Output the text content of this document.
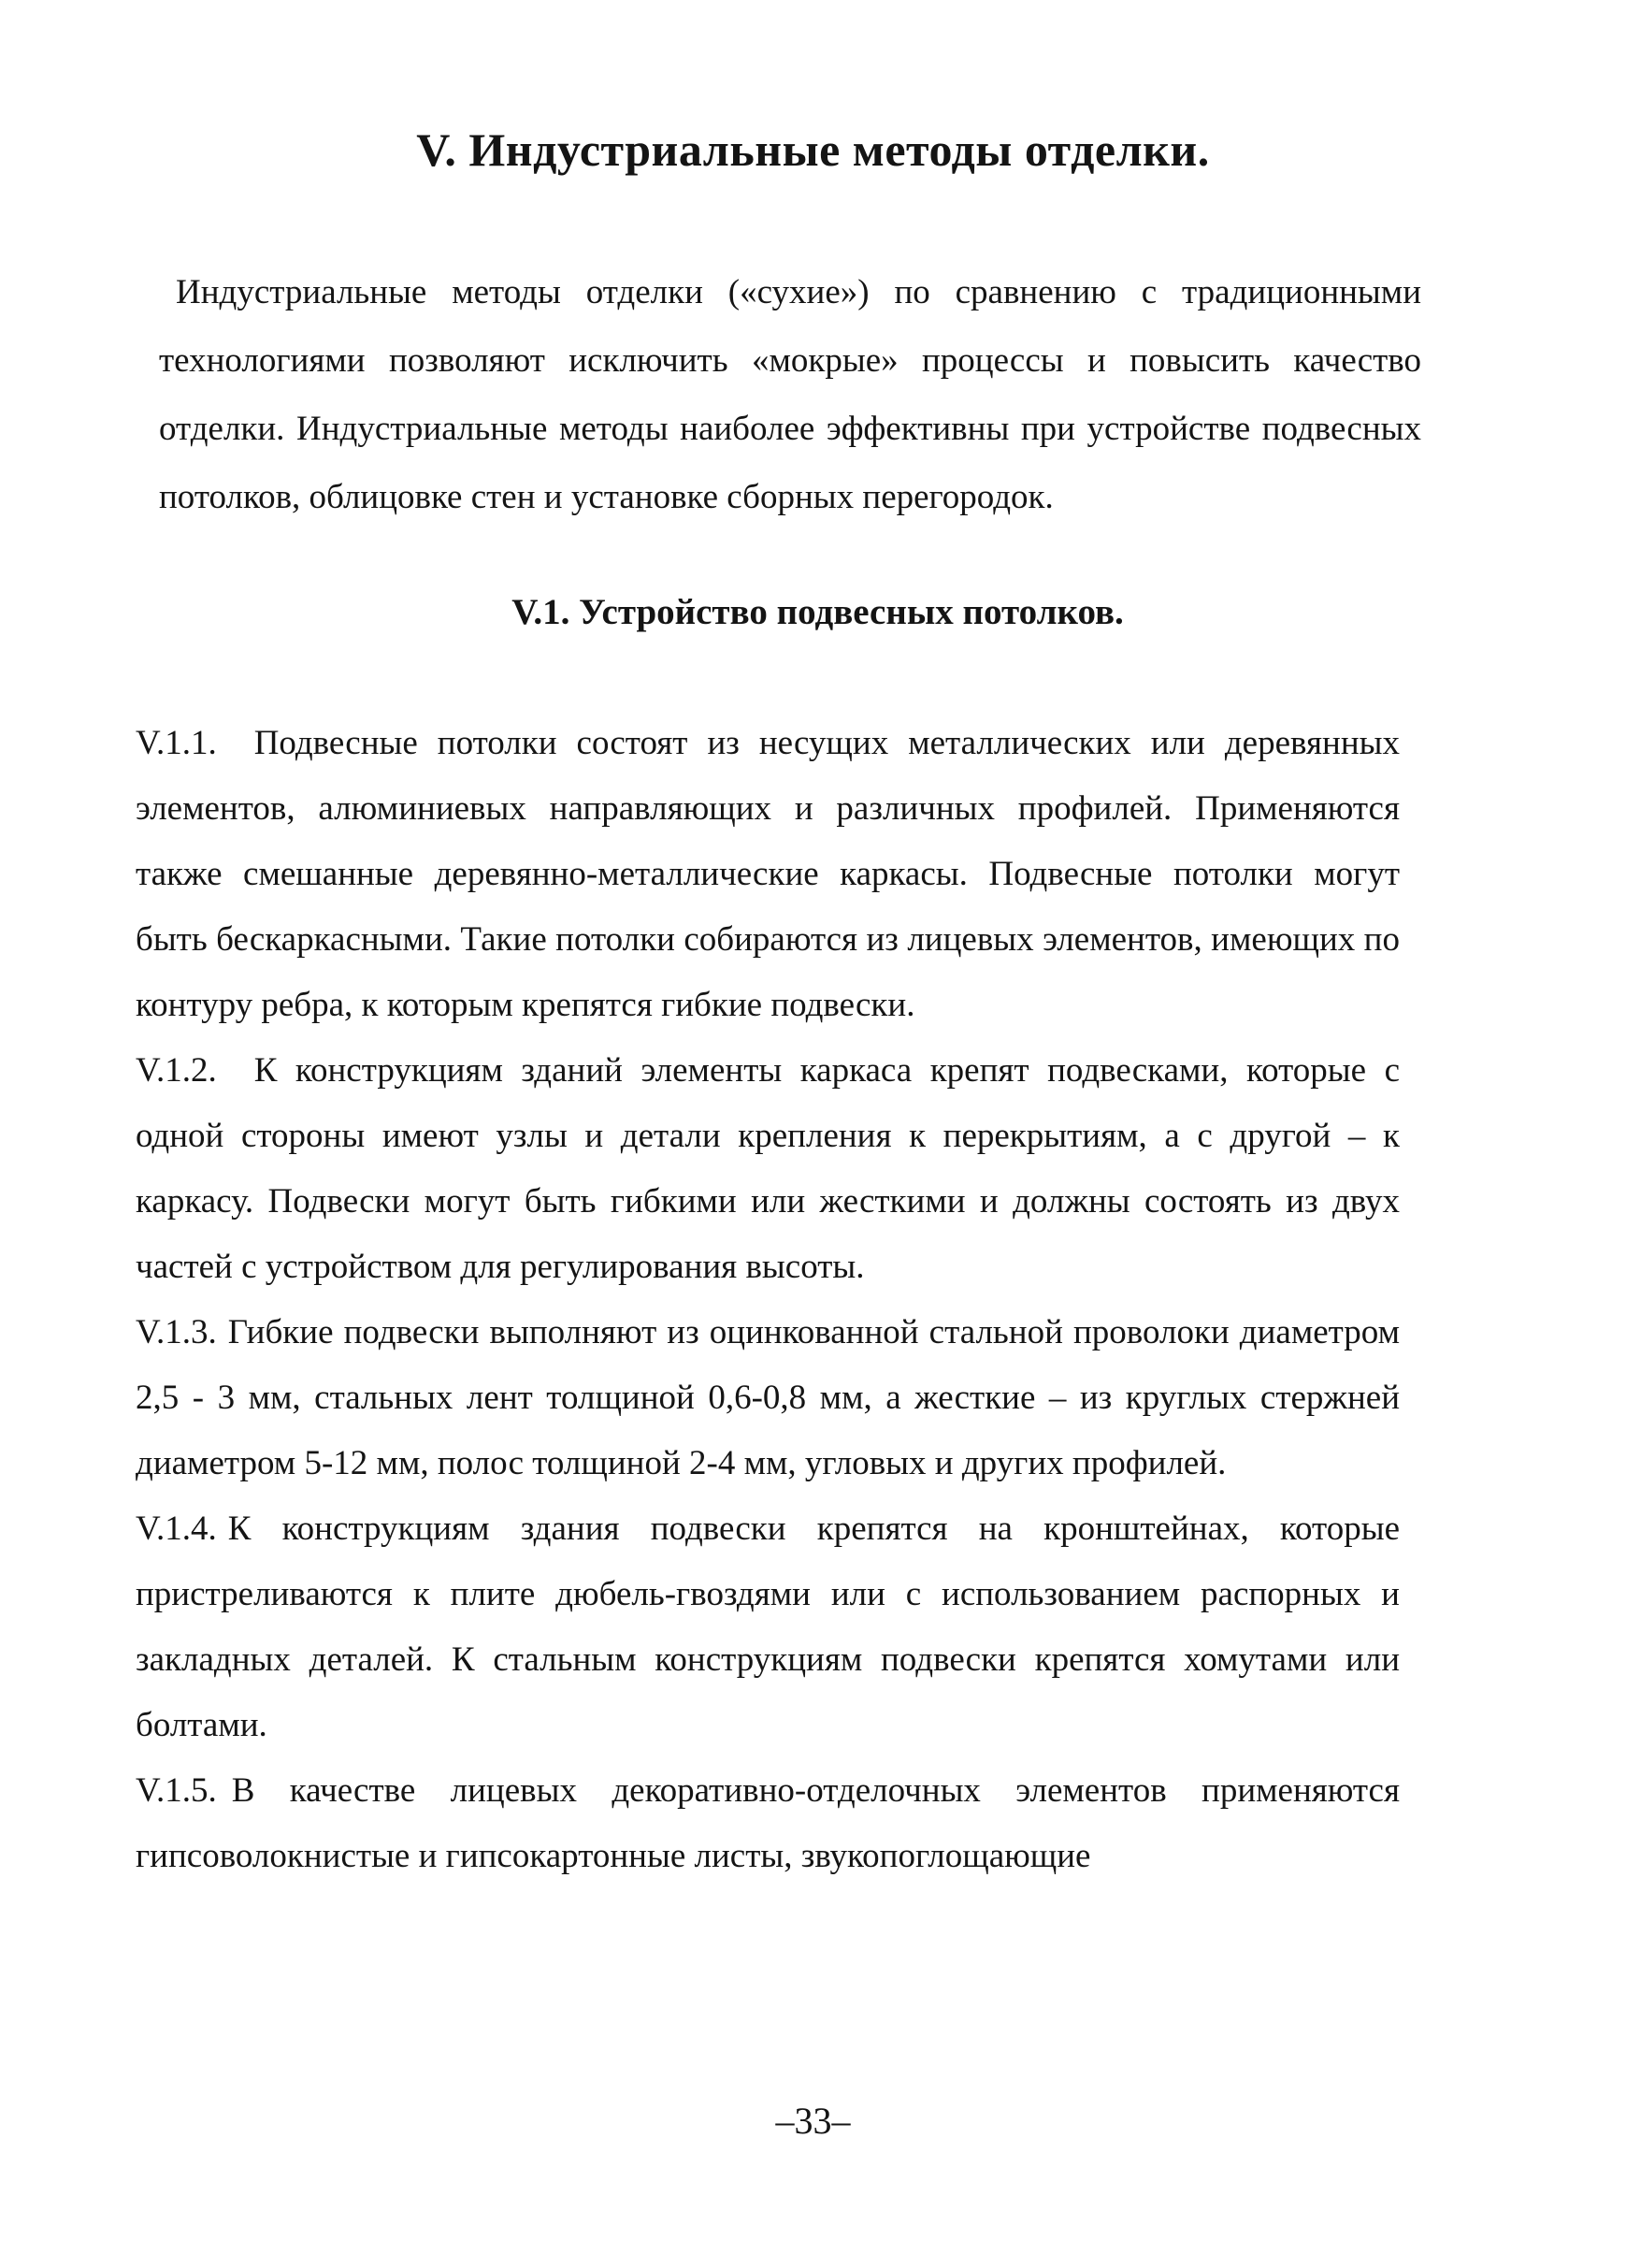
V. Индустриальные методы отделки.

Индустриальные методы отделки («сухие») по сравнению с традиционными технологиями позволяют исключить «мокрые» процессы и повысить качество отделки. Индустриальные методы наиболее эффективны при устройстве подвесных потолков, облицовке стен и установке сборных перегородок.

V.1. Устройство подвесных потолков.

V.1.1. Подвесные потолки состоят из несущих металлических или деревянных элементов, алюминиевых направляющих и различных профилей. Применяются также смешанные деревянно-металлические каркасы. Подвесные потолки могут быть бескаркасными. Такие потолки собираются из лицевых элементов, имеющих по контуру ребра, к которым крепятся гибкие подвески.

V.1.2. К конструкциям зданий элементы каркаса крепят подвесками, которые с одной стороны имеют узлы и детали крепления к перекрытиям, а с другой – к каркасу. Подвески могут быть гибкими или жесткими и должны состоять из двух частей с устройством для регулирования высоты.

V.1.3. Гибкие подвески выполняют из оцинкованной стальной проволоки диаметром 2,5 - 3 мм, стальных лент толщиной 0,6-0,8 мм, а жесткие – из круглых стержней диаметром 5-12 мм, полос толщиной 2-4 мм, угловых и других профилей.

V.1.4. К конструкциям здания подвески крепятся на кронштейнах, которые пристреливаются к плите дюбель-гвоздями или с использованием распорных и закладных деталей. К стальным конструкциям подвески крепятся хомутами или болтами.

V.1.5. В качестве лицевых декоративно-отделочных элементов применяются гипсоволокнистые и гипсокартонные листы, звукопоглощающие

–33–
